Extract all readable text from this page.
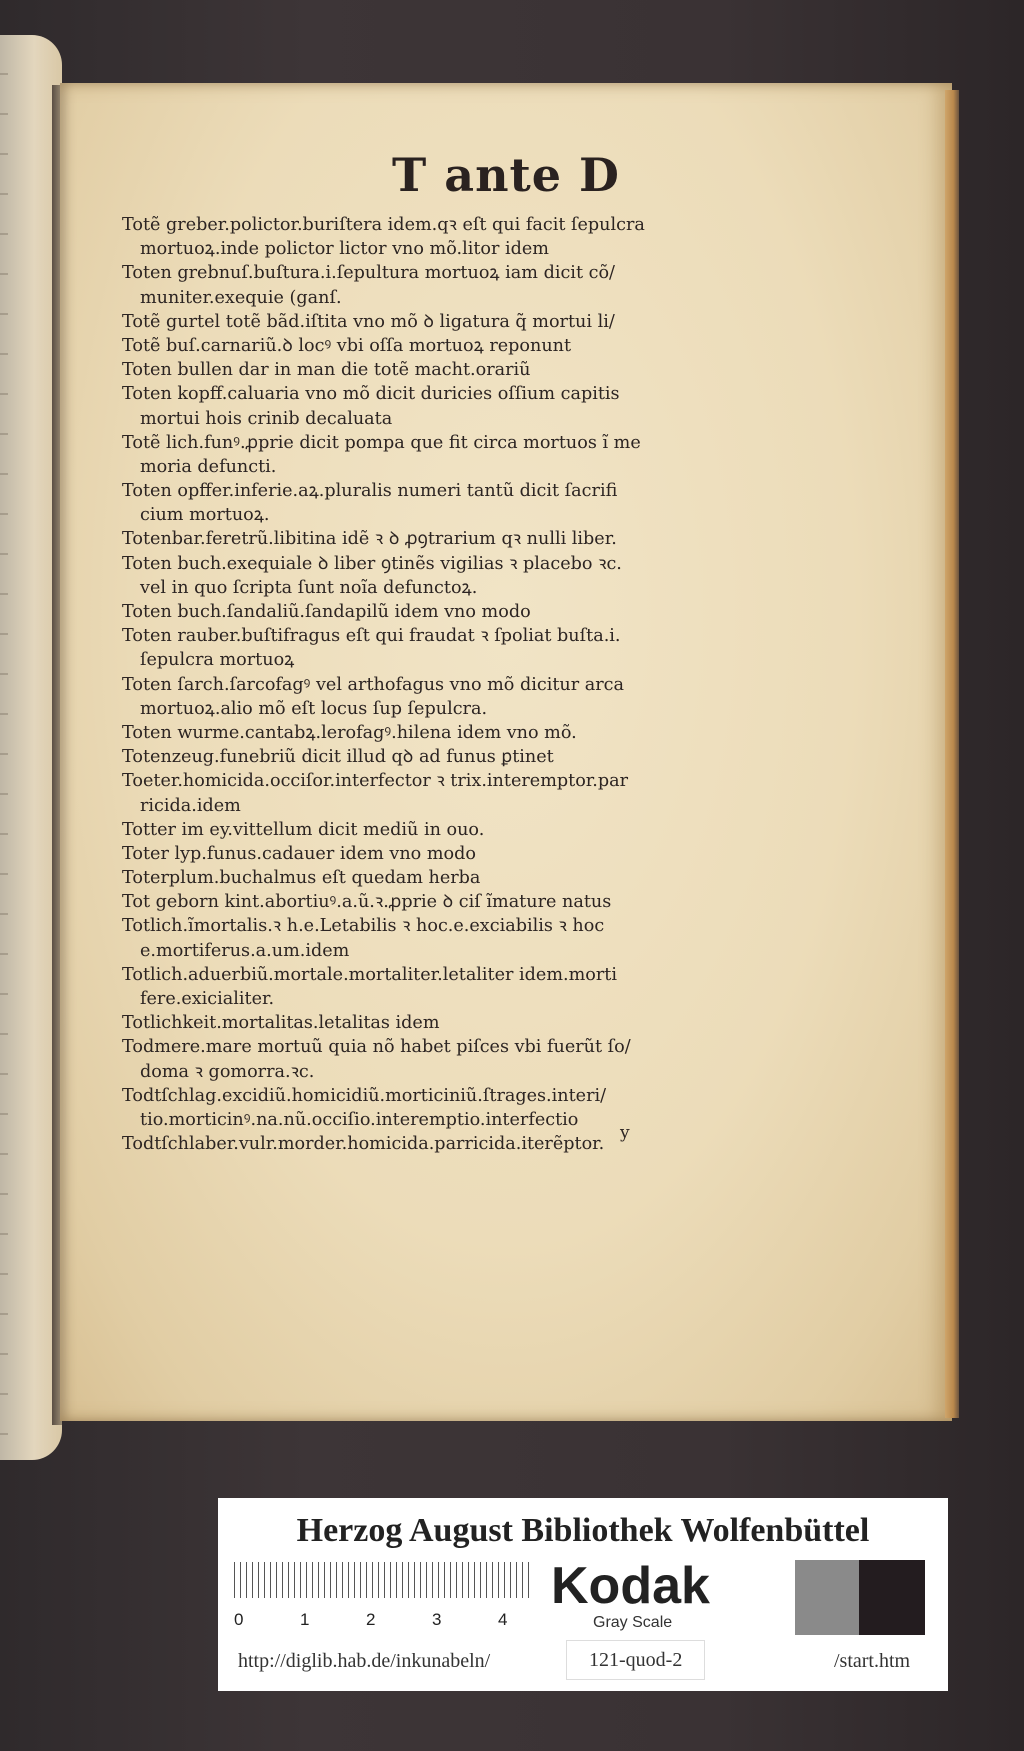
T ante D
Totẽ greber.polictor.buriſtera idem.qꝛ eſt qui facit ſepulcra
mortuoꝝ.inde polictor lictor vno mõ.litor idem
Toten grebnuſ.buſtura.i.ſepultura mortuoꝝ iam dicit cõ/
muniter.exequie (ganſ.
Totẽ gurtel totẽ bãd.iſtita vno mõ ꝺ ligatura q̃ mortui li/
Totẽ buſ.carnariũ.ꝺ locꝰ vbi oſſa mortuoꝝ reponunt
Toten bullen dar in man die totẽ macht.orariũ
Toten kopff.caluaria vno mõ dicit duricies oſſium capitis
mortui hois crinib decaluata
Totẽ lich.funꝰ.ꝓprie dicit pompa que fit circa mortuos ĩ me
moria defuncti.
Toten opffer.inferie.aꝝ.pluralis numeri tantũ dicit ſacrifi
cium mortuoꝝ.
Totenbar.feretrũ.libitina idẽ ꝛ ꝺ ꝓꝯtrarium qꝛ nulli liber.
Toten buch.exequiale ꝺ liber ꝯtinẽs vigilias ꝛ placebo ꝛc.
vel in quo ſcripta ſunt noĩa defunctoꝝ.
Toten buch.ſandaliũ.ſandapilũ idem vno modo
Toten rauber.buſtifragus eſt qui fraudat ꝛ ſpoliat buſta.i.
ſepulcra mortuoꝝ
Toten ſarch.ſarcofagꝰ vel arthofagus vno mõ dicitur arca
mortuoꝝ.alio mõ eſt locus ſup ſepulcra.
Toten wurme.cantabꝝ.lerofagꝰ.hilena idem vno mõ.
Totenzeug.funebriũ dicit illud qꝺ ad funus ꝑtinet
Toeter.homicida.occiſor.interfector ꝛ trix.interemptor.par
ricida.idem
Totter im ey.vittellum dicit mediũ in ouo.
Toter lyp.funus.cadauer idem vno modo
Toterplum.buchalmus eſt quedam herba
Tot geborn kint.abortiuꝰ.a.ũ.ꝛ.ꝓprie ꝺ ciſ ĩmature natus
Totlich.ĩmortalis.ꝛ h.e.Letabilis ꝛ hoc.e.exciabilis ꝛ hoc
e.mortiferus.a.um.idem
Totlich.aduerbiũ.mortale.mortaliter.letaliter idem.morti
fere.exicialiter.
Totlichkeit.mortalitas.letalitas idem
Todmere.mare mortuũ quia nõ habet piſces vbi fuerũt ſo/
doma ꝛ gomorra.ꝛc.
Todtſchlag.excidiũ.homicidiũ.morticiniũ.ſtrages.interi/
tio.morticinꝰ.na.nũ.occiſio.interemptio.interfectio
Todtſchlaber.vulr.morder.homicida.parricida.iterẽptor.
y
Herzog August Bibliothek Wolfenbüttel
0	1	2	3	4
Kodak
Gray Scale
http://diglib.hab.de/inkunabeln/	121-quod-2	/start.htm
